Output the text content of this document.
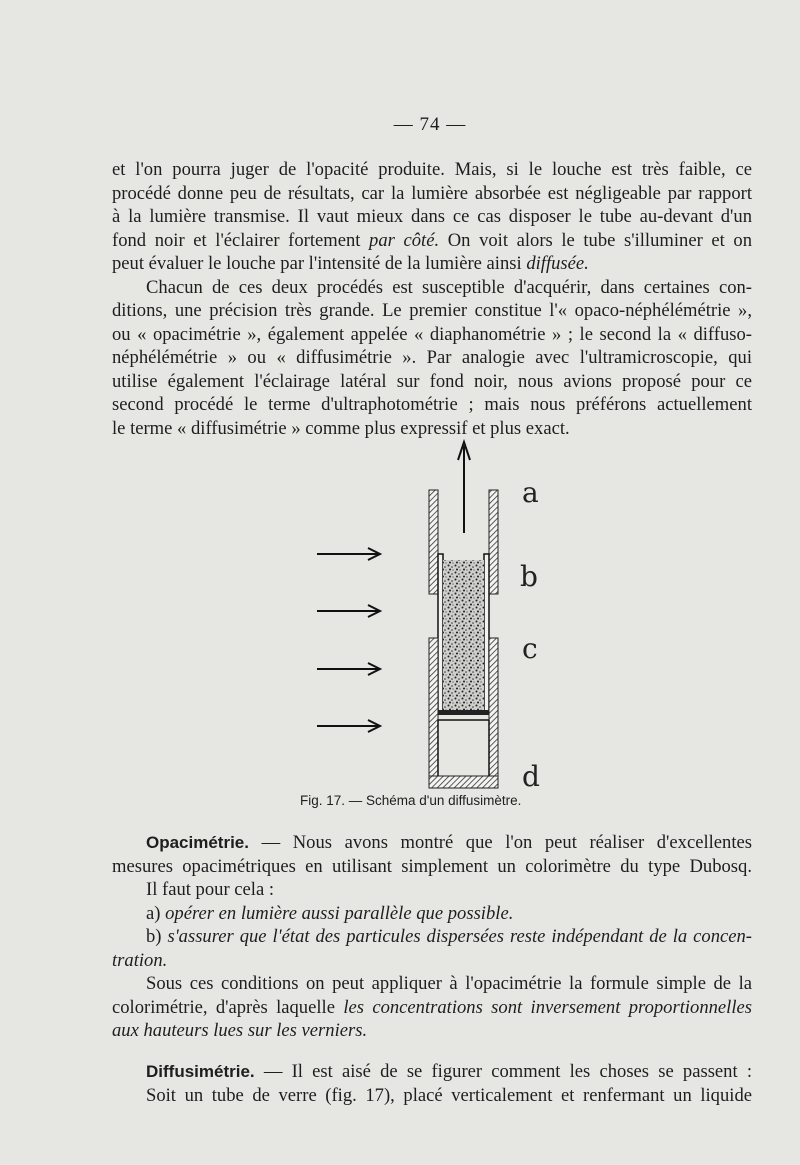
— 74 —

et l'on pourra juger de l'opacité produite. Mais, si le louche est très faible, ce

procédé donne peu de résultats, car la lumière absorbée est négligeable par rapport

à la lumière transmise. Il vaut mieux dans ce cas disposer le tube au-devant d'un

fond noir et l'éclairer fortement par côté. On voit alors le tube s'illuminer et on

peut évaluer le louche par l'intensité de la lumière ainsi diffusée.

Chacun de ces deux procédés est susceptible d'acquérir, dans certaines con-

ditions, une précision très grande. Le premier constitue l'« opaco-néphélémétrie »,

ou « opacimétrie », également appelée « diaphanométrie » ; le second la « diffuso-

néphélémétrie » ou « diffusimétrie ». Par analogie avec l'ultramicroscopie, qui

utilise également l'éclairage latéral sur fond noir, nous avions proposé pour ce

second procédé le terme d'ultraphotométrie ; mais nous préférons actuellement

le terme « diffusimétrie » comme plus expressif et plus exact.

a
b
c
d
Fig. 17. — Schéma d'un diffusimètre.

Opacimétrie. — Nous avons montré que l'on peut réaliser d'excellentes

mesures opacimétriques en utilisant simplement un colorimètre du type Dubosq.

Il faut pour cela :

a) opérer en lumière aussi parallèle que possible.

b) s'assurer que l'état des particules dispersées reste indépendant de la concen-tration.

Sous ces conditions on peut appliquer à l'opacimétrie la formule simple de la colorimétrie, d'après laquelle les concentrations sont inversement proportionnelles aux hauteurs lues sur les verniers.

Diffusimétrie. — Il est aisé de se figurer comment les choses se passent :

Soit un tube de verre (fig. 17), placé verticalement et renfermant un liquide
